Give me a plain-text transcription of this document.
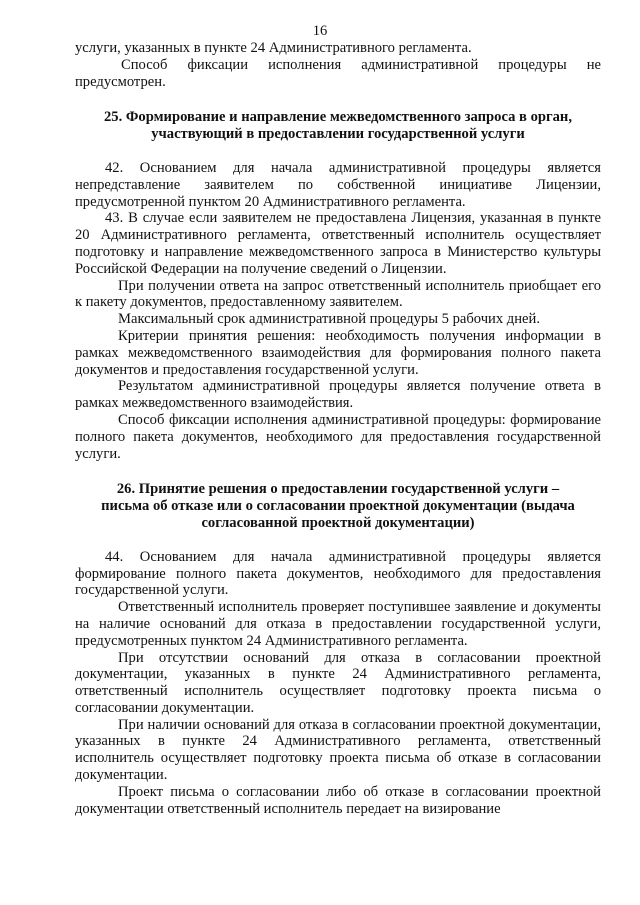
16

услуги, указанных в пункте 24 Административного регламента.

Способ фиксации исполнения административной процедуры не предусмотрен.

25. Формирование и направление межведомственного запроса в орган,

участвующий в предоставлении государственной услуги

42. Основанием для начала административной процедуры является непредставление заявителем по собственной инициативе Лицензии, предусмотренной пунктом 20 Административного регламента.

43. В случае если заявителем не предоставлена Лицензия, указанная в пункте 20 Административного регламента, ответственный исполнитель осуществляет подготовку и направление межведомственного запроса в Министерство культуры Российской Федерации на получение сведений о Лицензии.

При получении ответа на запрос ответственный исполнитель приобщает его к пакету документов, предоставленному заявителем.

Максимальный срок административной процедуры 5 рабочих дней.

Критерии принятия решения: необходимость получения информации в рамках межведомственного взаимодействия для формирования полного пакета документов и предоставления государственной услуги.

Результатом административной процедуры является получение ответа в рамках межведомственного взаимодействия.

Способ фиксации исполнения административной процедуры: формирование полного пакета документов, необходимого для предоставления государственной услуги.

26. Принятие решения о предоставлении государственной услуги –

письма об отказе или о согласовании проектной документации (выдача

согласованной проектной документации)

44. Основанием для начала административной процедуры является формирование полного пакета документов, необходимого для предоставления государственной услуги.

Ответственный исполнитель проверяет поступившее заявление и документы на наличие оснований для отказа в предоставлении государственной услуги, предусмотренных пунктом 24 Административного регламента.

При отсутствии оснований для отказа в согласовании проектной документации, указанных в пункте 24 Административного регламента, ответственный исполнитель осуществляет подготовку проекта письма о согласовании документации.

При наличии оснований для отказа в согласовании проектной документации, указанных в пункте 24 Административного регламента, ответственный исполнитель осуществляет подготовку проекта письма об отказе в согласовании документации.

Проект письма о согласовании либо об отказе в согласовании проектной документации ответственный исполнитель передает на визирование
